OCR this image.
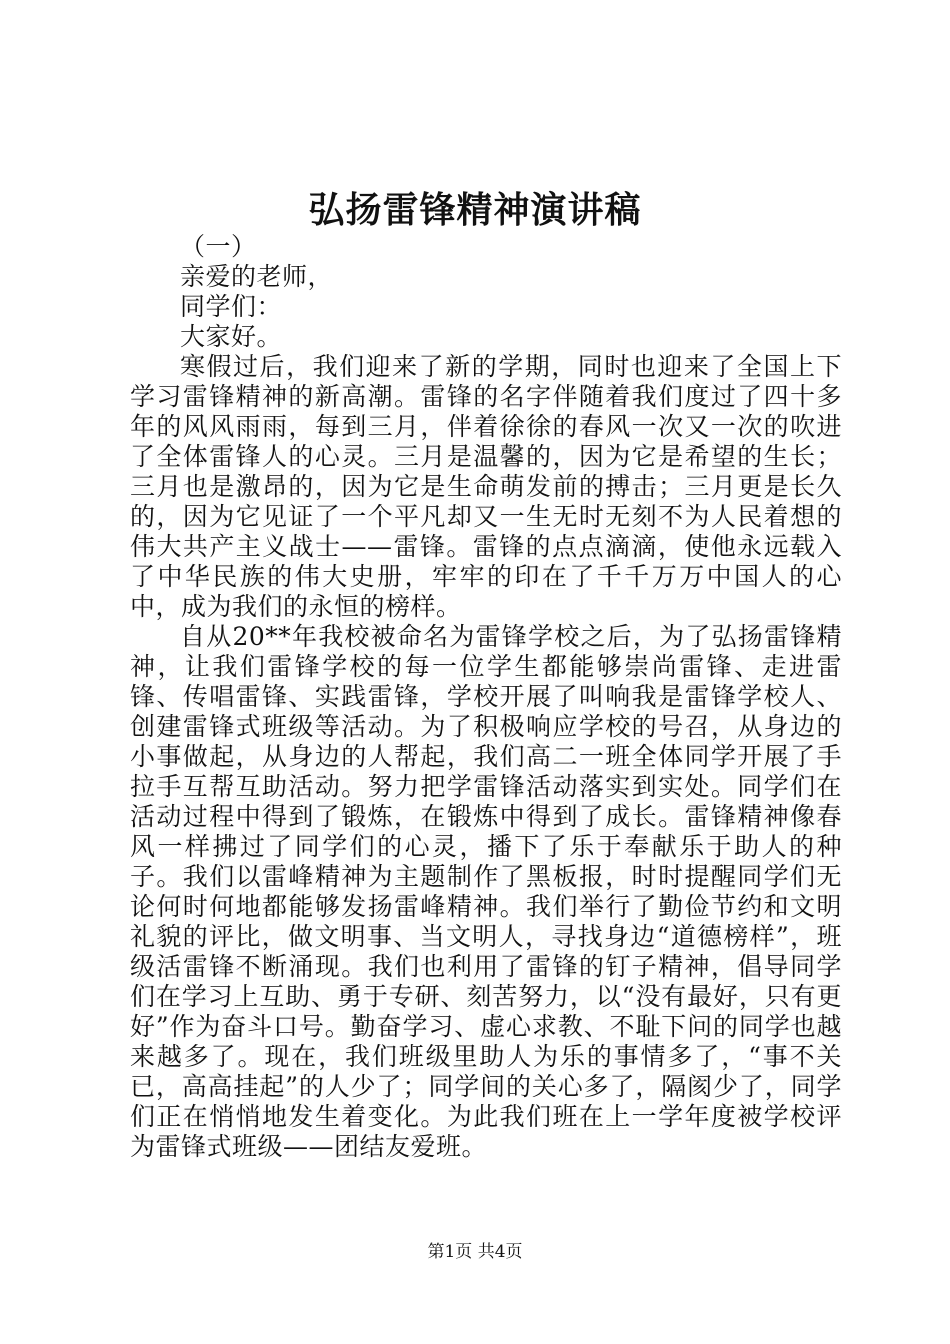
弘扬雷锋精神演讲稿

（一）

亲爱的老师，

同学们：

大家好。

寒假过后，我们迎来了新的学期，同时也迎来了全国上下学习雷锋精神的新高潮。雷锋的名字伴随着我们度过了四十多年的风风雨雨，每到三月，伴着徐徐的春风一次又一次的吹进了全体雷锋人的心灵。三月是温馨的，因为它是希望的生长；三月也是激昂的，因为它是生命萌发前的搏击；三月更是长久的，因为它见证了一个平凡却又一生无时无刻不为人民着想的伟大共产主义战士——雷锋。雷锋的点点滴滴，使他永远载入了中华民族的伟大史册，牢牢的印在了千千万万中国人的心中，成为我们的永恒的榜样。

自从20**年我校被命名为雷锋学校之后，为了弘扬雷锋精神，让我们雷锋学校的每一位学生都能够崇尚雷锋、走进雷锋、传唱雷锋、实践雷锋，学校开展了叫响我是雷锋学校人、创建雷锋式班级等活动。为了积极响应学校的号召，从身边的小事做起，从身边的人帮起，我们高二一班全体同学开展了手拉手互帮互助活动。努力把学雷锋活动落实到实处。同学们在活动过程中得到了锻炼，在锻炼中得到了成长。雷锋精神像春风一样拂过了同学们的心灵，播下了乐于奉献乐于助人的种子。我们以雷峰精神为主题制作了黑板报，时时提醒同学们无论何时何地都能够发扬雷峰精神。我们举行了勤俭节约和文明礼貌的评比，做文明事、当文明人，寻找身边“道德榜样”，班级活雷锋不断涌现。我们也利用了雷锋的钉子精神，倡导同学们在学习上互助、勇于专研、刻苦努力，以“没有最好，只有更好”作为奋斗口号。勤奋学习、虚心求教、不耻下问的同学也越来越多了。现在，我们班级里助人为乐的事情多了，“事不关已，高高挂起”的人少了；同学间的关心多了，隔阂少了，同学们正在悄悄地发生着变化。为此我们班在上一学年度被学校评为雷锋式班级——团结友爱班。

第1页 共4页
